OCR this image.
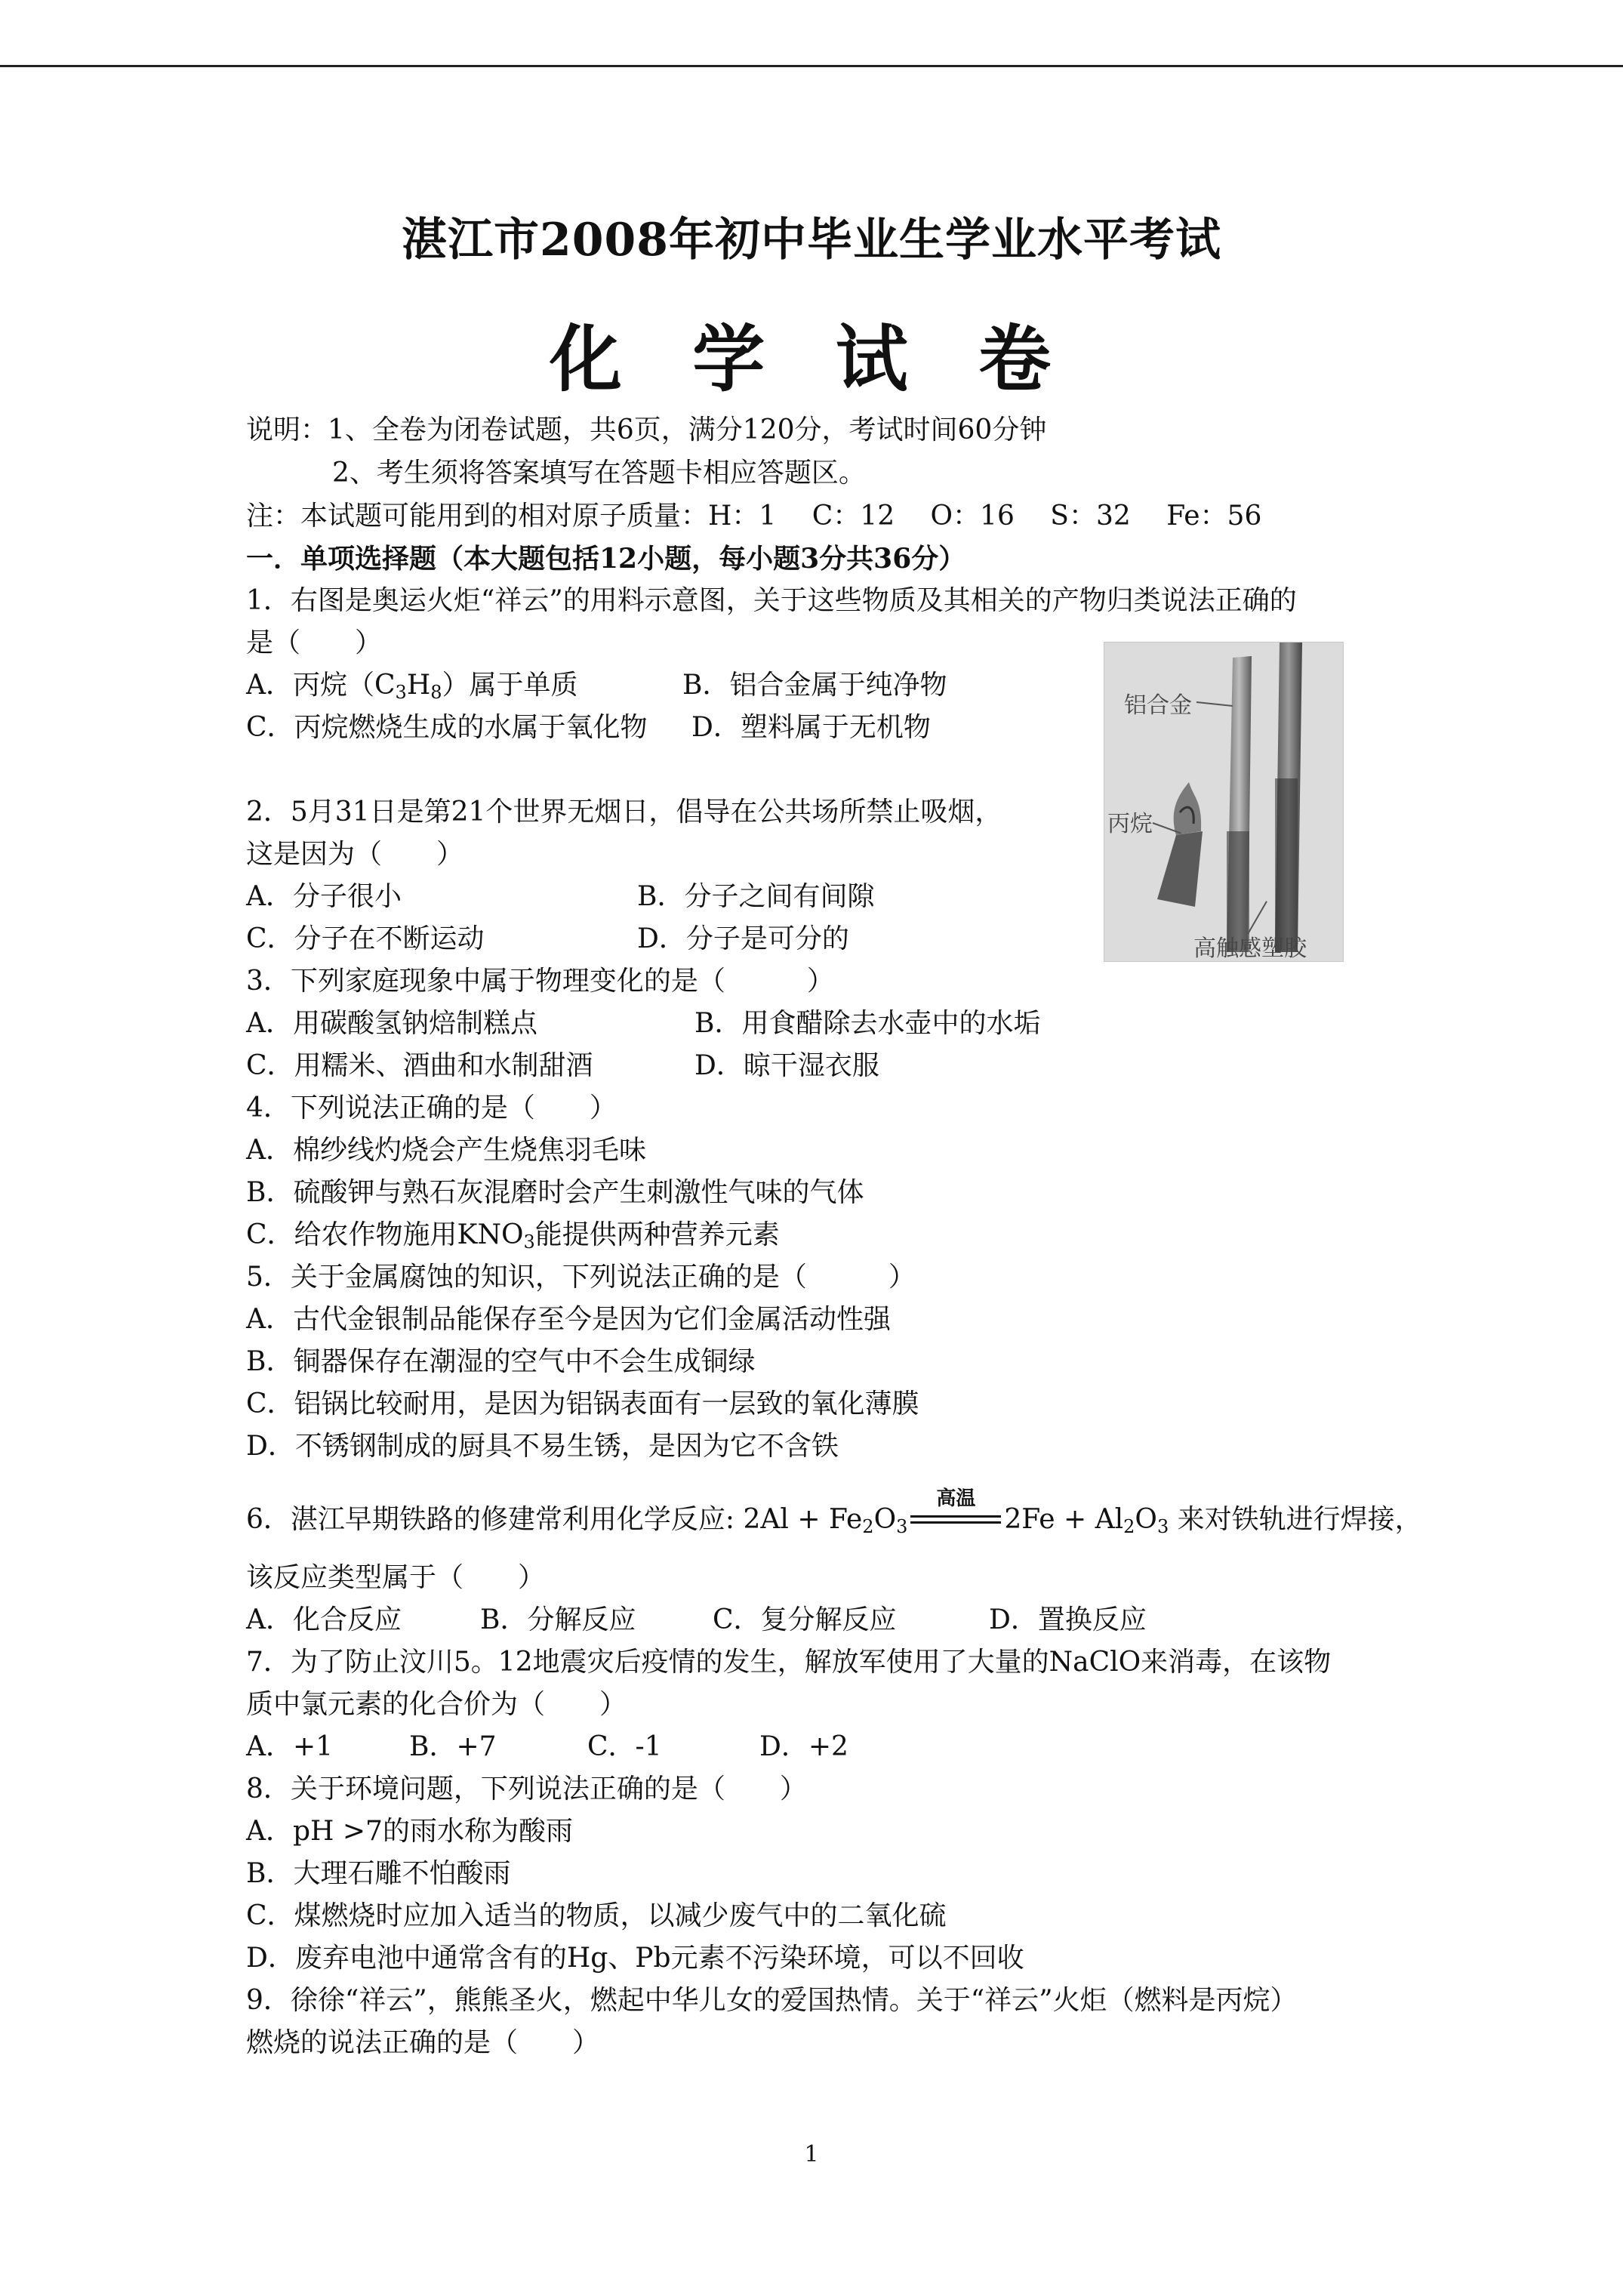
湛江市2008年初中毕业生学业水平考试
化 学 试 卷
说明：1、全卷为闭卷试题，共6页，满分120分，考试时间60分钟
2、考生须将答案填写在答题卡相应答题区。
注：本试题可能用到的相对原子质量：H：1　 C：12　 O：16　 S：32　 Fe：56
一．单项选择题（本大题包括12小题，每小题3分共36分）
1．右图是奥运火炬“祥云”的用料示意图，关于这些物质及其相关的产物归类说法正确的
是（　　）
A．丙烷$(C_3H_8)$属于单质	B．铝合金属于纯净物
C．丙烷燃烧生成的水属于氧化物 D．塑料属于无机物
铝合金
丙烷
高触感塑胶
2．5月31日是第21个世界无烟日，倡导在公共场所禁止吸烟，
这是因为（　　）
A．分子很小	B．分子之间有间隙
C．分子在不断运动	D．分子是可分的
3．下列家庭现象中属于物理变化的是（　　　）
A．用碳酸氢钠焙制糕点	B．用食醋除去水壶中的水垢
C．用糯米、酒曲和水制甜酒	D．晾干湿衣服
4．下列说法正确的是（　　）
A．棉纱线灼烧会产生烧焦羽毛味
B．硫酸钾与熟石灰混磨时会产生刺激性气味的气体
C．给农作物施用$KNO_3$能提供两种营养元素
5．关于金属腐蚀的知识，下列说法正确的是（　　　）
A．古代金银制品能保存至今是因为它们金属活动性强
B．铜器保存在潮湿的空气中不会生成铜绿
C．铝锅比较耐用，是因为铝锅表面有一层致的氧化薄膜
D．不锈钢制成的厨具不易生锈，是因为它不含铁
6．湛江早期铁路的修建常利用化学反应: $2Al + Fe_2O_3$
高温
$2Fe + Al_2O_3$ 来对铁轨进行焊接，
该反应类型属于（　　）
A．化合反应	B．分解反应	C．复分解反应	D．置换反应
7．为了防止汶川5。12地震灾后疫情的发生，解放军使用了大量的NaClO来消毒，在该物
质中氯元素的化合价为（　　）
A．+1	B．+7	C．-1	D．+2
8．关于环境问题，下列说法正确的是（　　）
A．pH >7的雨水称为酸雨
B．大理石雕不怕酸雨
C．煤燃烧时应加入适当的物质，以减少废气中的二氧化硫
D．废弃电池中通常含有的Hg、Pb元素不污染环境，可以不回收
9．徐徐“祥云”，熊熊圣火，燃起中华儿女的爱国热情。关于“祥云”火炬（燃料是丙烷）
燃烧的说法正确的是（　　）
1
